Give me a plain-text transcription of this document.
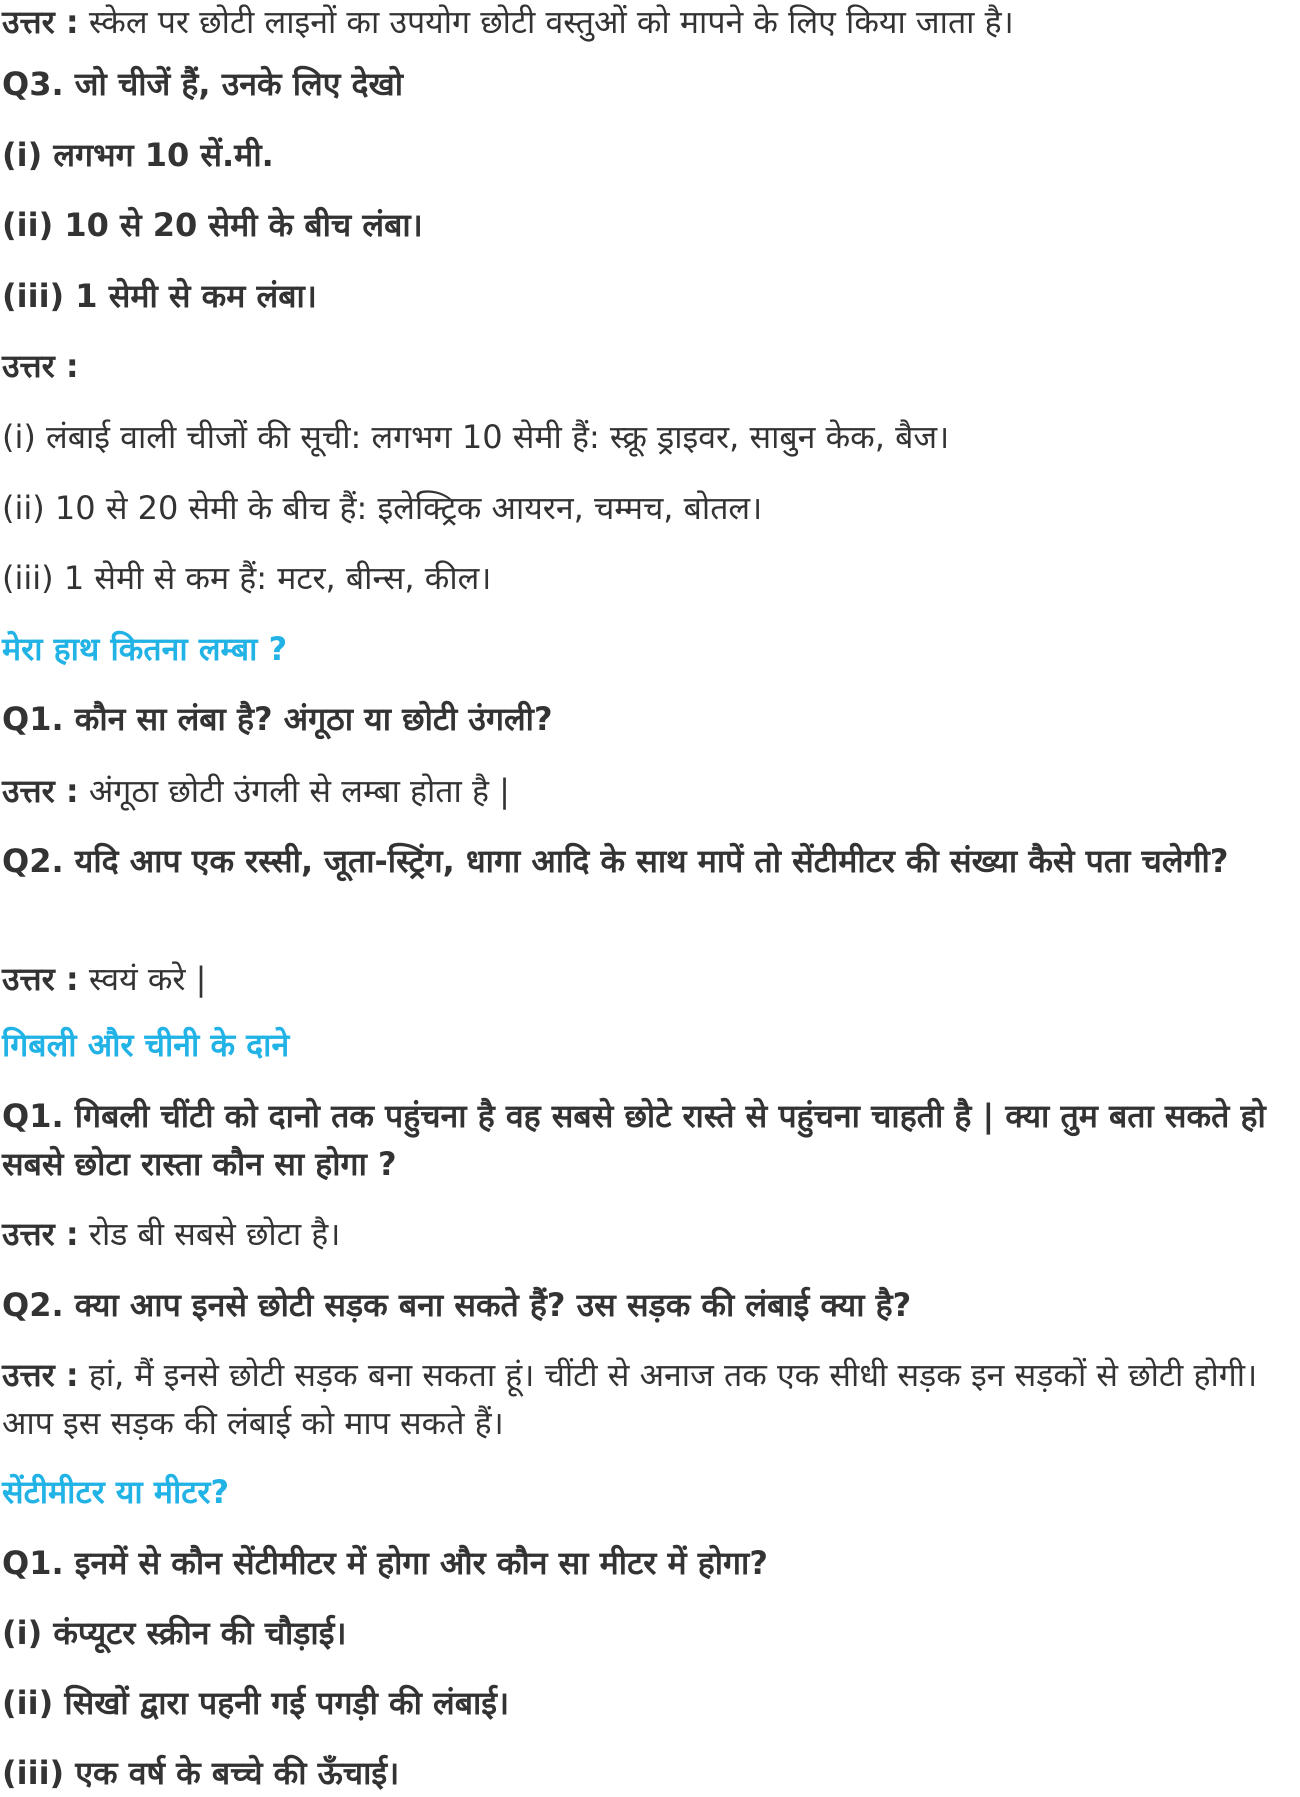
उत्तर : स्केल पर छोटी लाइनों का उपयोग छोटी वस्तुओं को मापने के लिए किया जाता है।
Q3. जो चीजें हैं, उनके लिए देखो
(i) लगभग 10 सें.मी.
(ii) 10 से 20 सेमी के बीच लंबा।
(iii) 1 सेमी से कम लंबा।
उत्तर :
(i) लंबाई वाली चीजों की सूची: लगभग 10 सेमी हैं: स्क्रू ड्राइवर, साबुन केक, बैज।
(ii) 10 से 20 सेमी के बीच हैं: इलेक्ट्रिक आयरन, चम्मच, बोतल।
(iii) 1 सेमी से कम हैं: मटर, बीन्स, कील।
मेरा हाथ कितना लम्बा ?
Q1. कौन सा लंबा है? अंगूठा या छोटी उंगली?
उत्तर : अंगूठा छोटी उंगली से लम्बा होता है |
Q2. यदि आप एक रस्सी, जूता-स्ट्रिंग, धागा आदि के साथ मापें तो सेंटीमीटर की संख्या कैसे पता चलेगी?
उत्तर : स्वयं करे |
गिबली और चीनी के दाने
Q1. गिबली चींटी को दानो तक पहुंचना है वह सबसे छोटे रास्ते से पहुंचना चाहती है | क्या तुम बता सकते हो सबसे छोटा रास्ता कौन सा होगा ?
उत्तर : रोड बी सबसे छोटा है।
Q2. क्या आप इनसे छोटी सड़क बना सकते हैं? उस सड़क की लंबाई क्या है?
उत्तर : हां, मैं इनसे छोटी सड़क बना सकता हूं। चींटी से अनाज तक एक सीधी सड़क इन सड़कों से छोटी होगी। आप इस सड़क की लंबाई को माप सकते हैं।
सेंटीमीटर या मीटर?
Q1. इनमें से कौन सेंटीमीटर में होगा और कौन सा मीटर में होगा?
(i) कंप्यूटर स्क्रीन की चौड़ाई।
(ii) सिखों द्वारा पहनी गई पगड़ी की लंबाई।
(iii) एक वर्ष के बच्चे की ऊँचाई।
